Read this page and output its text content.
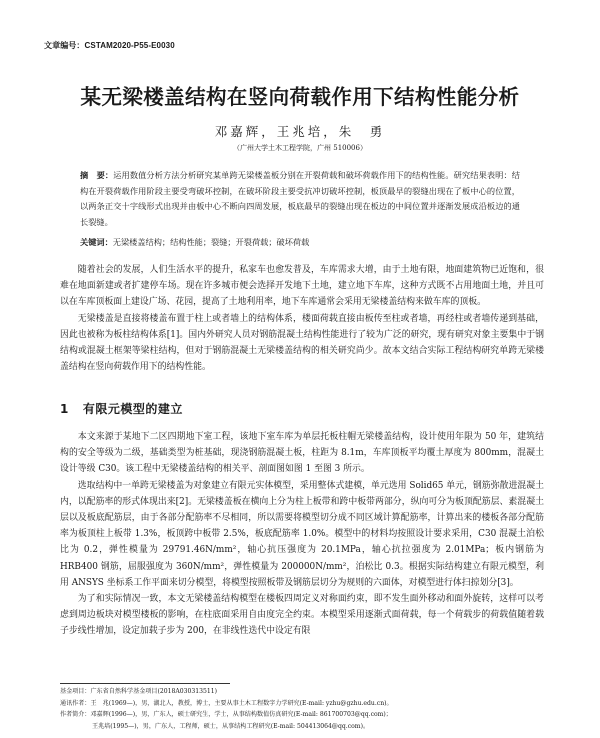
文章编号：CSTAM2020-P55-E0030
某无梁楼盖结构在竖向荷载作用下结构性能分析
邓嘉辉，王兆培，朱　勇
（广州大学土木工程学院，广州 510006）
摘　要：运用数值分析方法分析研究某单跨无梁楼盖板分别在开裂荷载和破坏荷载作用下的结构性能。研究结果表明：结构在开裂荷载作用阶段主要受弯破坏控制，在破坏阶段主要受抗冲切破坏控制，板顶最早的裂缝出现在了板中心的位置，以两条正交十字线形式出现并由板中心不断向四周发展，板底最早的裂缝出现在板边的中间位置并逐渐发展成沿板边的通长裂缝。
关键词：无梁楼盖结构；结构性能；裂缝；开裂荷载；破坏荷载

随着社会的发展，人们生活水平的提升，私家车也愈发普及，车库需求大增，由于土地有限，地面建筑物已近饱和，很难在地面新建或者扩建停车场。现在许多城市便会选择开发地下土地，建立地下车库，这种方式既不占用地面土地，并且可以在车库顶板面上建设广场、花园，提高了土地利用率，地下车库通常会采用无梁楼盖结构来做车库的顶板。

无梁楼盖是直接将楼盖布置于柱上或者墙上的结构体系，楼面荷载直接由板传至柱或者墙，再经柱或者墙传递到基础，因此也被称为板柱结构体系[1]。国内外研究人员对钢筋混凝土结构性能进行了较为广泛的研究，现有研究对象主要集中于钢结构或混凝土框架等梁柱结构，但对于钢筋混凝土无梁楼盖结构的相关研究尚少。故本文结合实际工程结构研究单跨无梁楼盖结构在竖向荷载作用下的结构性能。

1 有限元模型的建立

本文来源于某地下二区四期地下室工程，该地下室车库为单层托板柱帽无梁楼盖结构，设计使用年限为 50 年，建筑结构的安全等级为二级，基础类型为桩基础，现浇钢筋混凝土板，柱距为 8.1m，车库顶板平均覆土厚度为 800mm，混凝土设计等级 C30。该工程中无梁楼盖结构的相关平、剖面图如图 1 至图 3 所示。

选取结构中一单跨无梁楼盖为对象建立有限元实体模型，采用整体式建模，单元选用 Solid65 单元，钢筋弥散进混凝土内，以配筋率的形式体现出来[2]。无梁楼盖板在横向上分为柱上板带和跨中板带两部分，纵向可分为板顶配筋层、素混凝土层以及板底配筋层，由于各部分配筋率不尽相同，所以需要将模型切分成不同区域计算配筋率，计算出来的楼板各部分配筋率为板顶柱上板带 1.3%，板顶跨中板带 2.5%，板底配筋率 1.0%。模型中的材料均按照设计要求采用，C30 混凝土泊松比为 0.2，弹性模量为 29791.46N/mm²，轴心抗压强度为 20.1MPa，轴心抗拉强度为 2.01MPa；板内钢筋为 HRB400 钢筋，屈服强度为 360N/mm²，弹性模量为 200000N/mm²，泊松比 0.3。根据实际结构建立有限元模型，利用 ANSYS 坐标系工作平面来切分模型，将模型按照板带及钢筋层切分为规则的六面体，对模型进行体扫掠划分[3]。

为了和实际情况一致，本文无梁楼盖结构模型在楼板四周定义对称面约束，即不发生面外移动和面外旋转，这样可以考虑到周边板块对模型楼板的影响，在柱底面采用自由度完全约束。本模型采用逐渐式面荷载，每一个荷载步的荷载值随着载子步线性增加，设定加载子步为 200，在非线性迭代中设定有限

基金项目：广东省自然科学基金项目(2018A030313511)
通讯作者：王　兆(1969—)，男，湖北人，教授，博士，主要从事土木工程数字力学研究(E-mail: yzhu@gzhu.edu.cn)。
作者简介：邓嘉辉(1996—)，男，广东人，硕士研究生，学士，从事结构数值仿真研究(E-mail: 861700703@qq.com)；
王兆培(1995—)，男，广东人，工程师，硕士，从事结构工程研究(E-mail: 504413064@qq.com)。
